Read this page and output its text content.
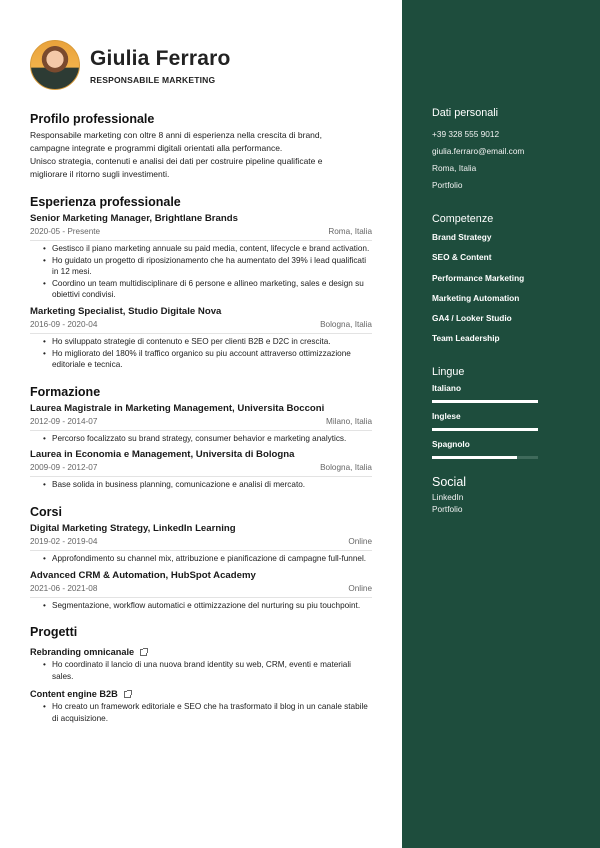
Giulia Ferraro
RESPONSABILE MARKETING
Profilo professionale
Responsabile marketing con oltre 8 anni di esperienza nella crescita di brand,
campagne integrate e programmi digitali orientati alla performance.
Unisco strategia, contenuti e analisi dei dati per costruire pipeline qualificate e
migliorare il ritorno sugli investimenti.
Esperienza professionale
Senior Marketing Manager, Brightlane Brands
2020-05 - Presente	Roma, Italia
• Gestisco il piano marketing annuale su paid media, content, lifecycle e brand activation.
• Ho guidato un progetto di riposizionamento che ha aumentato del 39% i lead qualificati in 12 mesi.
• Coordino un team multidisciplinare di 6 persone e allineo marketing, sales e design su obiettivi condivisi.
Marketing Specialist, Studio Digitale Nova
2016-09 - 2020-04	Bologna, Italia
• Ho sviluppato strategie di contenuto e SEO per clienti B2B e D2C in crescita.
• Ho migliorato del 180% il traffico organico su piu account attraverso ottimizzazione editoriale e tecnica.
Formazione
Laurea Magistrale in Marketing Management, Universita Bocconi
2012-09 - 2014-07	Milano, Italia
• Percorso focalizzato su brand strategy, consumer behavior e marketing analytics.
Laurea in Economia e Management, Universita di Bologna
2009-09 - 2012-07	Bologna, Italia
• Base solida in business planning, comunicazione e analisi di mercato.
Corsi
Digital Marketing Strategy, LinkedIn Learning
2019-02 - 2019-04	Online
• Approfondimento su channel mix, attribuzione e pianificazione di campagne full-funnel.
Advanced CRM & Automation, HubSpot Academy
2021-06 - 2021-08	Online
• Segmentazione, workflow automatici e ottimizzazione del nurturing su piu touchpoint.
Progetti
Rebranding omnicanale
• Ho coordinato il lancio di una nuova brand identity su web, CRM, eventi e materiali sales.
Content engine B2B
• Ho creato un framework editoriale e SEO che ha trasformato il blog in un canale stabile di acquisizione.
Dati personali
+39 328 555 9012
giulia.ferraro@email.com
Roma, Italia
Portfolio
Competenze
Brand Strategy
SEO & Content
Performance Marketing
Marketing Automation
GA4 / Looker Studio
Team Leadership
Lingue
Italiano
Inglese
Spagnolo
Social
LinkedIn
Portfolio
